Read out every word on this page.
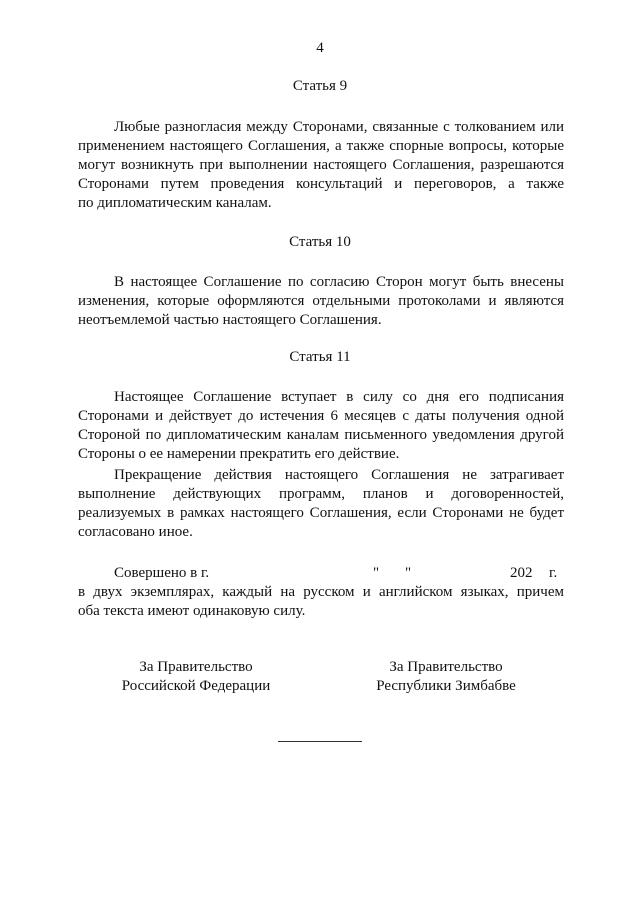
4
Статья 9
Любые разногласия между Сторонами, связанные с толкованием или
применением настоящего Соглашения, а также спорные вопросы, которые
могут возникнуть при выполнении настоящего Соглашения, разрешаются
Сторонами путем проведения консультаций и переговоров, а также
по дипломатическим каналам.
Статья 10
В настоящее Соглашение по согласию Сторон могут быть внесены
изменения, которые оформляются отдельными протоколами и являются
неотъемлемой частью настоящего Соглашения.
Статья 11
Настоящее Соглашение вступает в силу со дня его подписания
Сторонами и действует до истечения 6 месяцев с даты получения одной
Стороной по дипломатическим каналам письменного уведомления другой
Стороны о ее намерении прекратить его действие.
Прекращение действия настоящего Соглашения не затрагивает
выполнение действующих программ, планов и договоренностей,
реализуемых в рамках настоящего Соглашения, если Сторонами не будет
согласовано иное.
Совершено в г.	" "	202 г.
в двух экземплярах, каждый на русском и английском языках, причем
оба текста имеют одинаковую силу.
За Правительство
Российской Федерации
За Правительство
Республики Зимбабве
